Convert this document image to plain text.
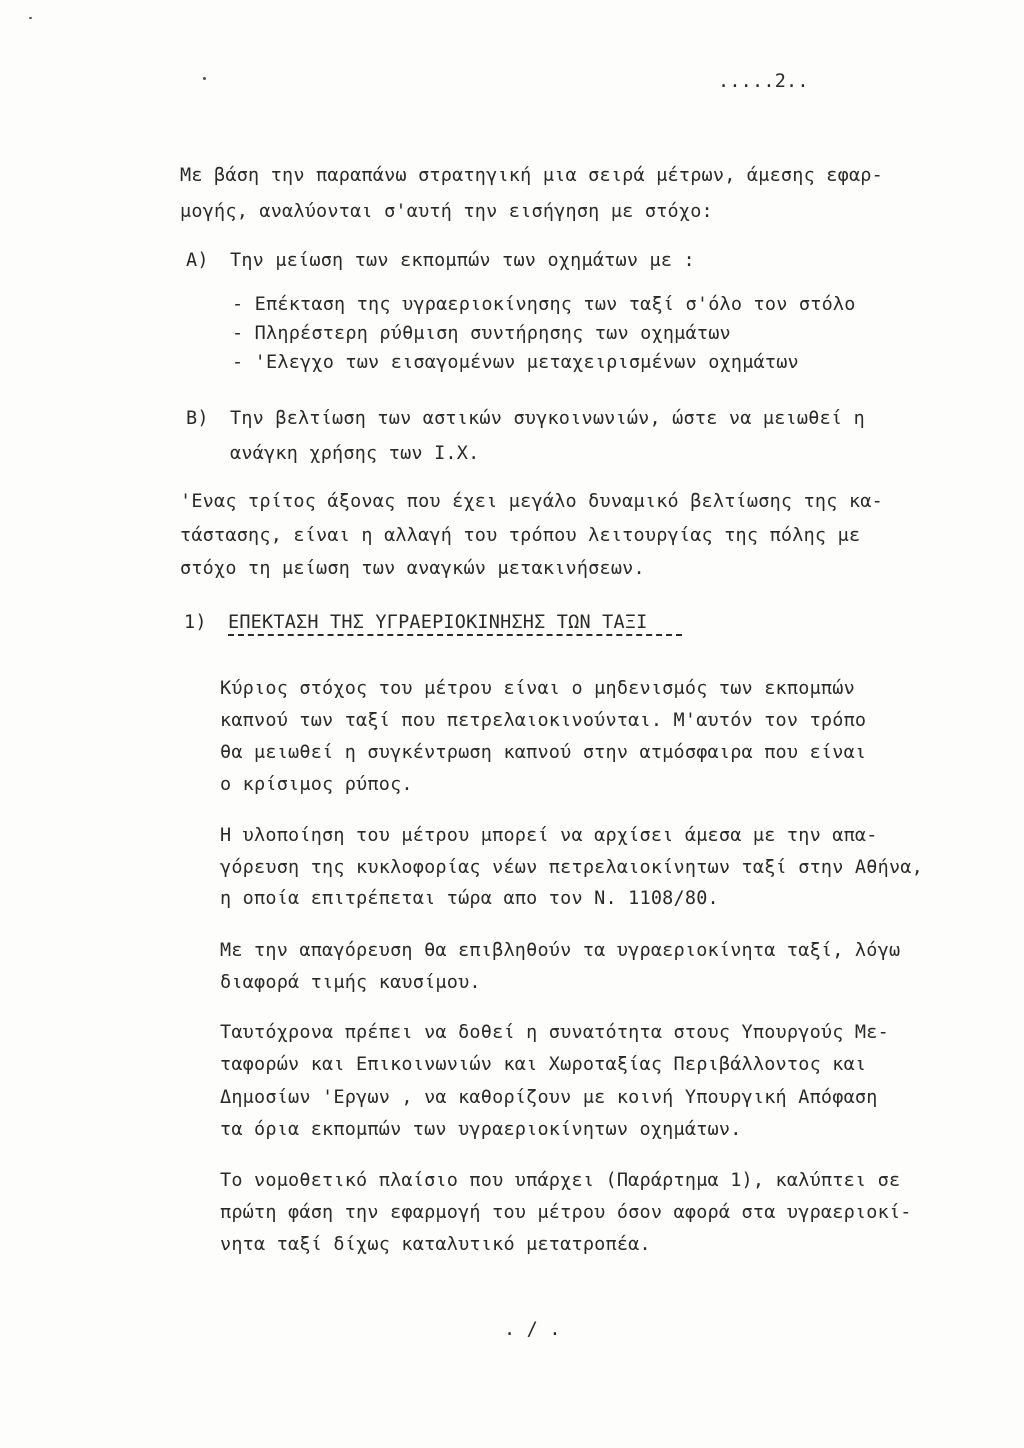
.....2..
Με βάση την παραπάνω στρατηγική μια σειρά μέτρων, άμεσης εφαρ-
μογής, αναλύονται σ'αυτή την εισήγηση με στόχο:
A) Την μείωση των εκπομπών των οχημάτων με :
- Επέκταση της υγραεριοκίνησης των ταξί σ'όλο τον στόλο
- Πληρέστερη ρύθμιση συντήρησης των οχημάτων
- 'Ελεγχο των εισαγομένων μεταχειρισμένων οχημάτων
B) Την βελτίωση των αστικών συγκοινωνιών, ώστε να μειωθεί η
ανάγκη χρήσης των Ι.Χ.
'Ενας τρίτος άξονας που έχει μεγάλο δυναμικό βελτίωσης της κα-
τάστασης, είναι η αλλαγή του τρόπου λειτουργίας της πόλης με
στόχο τη μείωση των αναγκών μετακινήσεων.
1) ΕΠΕΚΤΑΣΗ ΤΗΣ ΥΓΡΑΕΡΙΟΚΙΝΗΣΗΣ ΤΩΝ ΤΑΞΙ
Κύριος στόχος του μέτρου είναι ο μηδενισμός των εκπομπών
καπνού των ταξί που πετρελαιοκινούνται. Μ'αυτόν τον τρόπο
θα μειωθεί η συγκέντρωση καπνού στην ατμόσφαιρα που είναι
ο κρίσιμος ρύπος.
Η υλοποίηση του μέτρου μπορεί να αρχίσει άμεσα με την απα-
γόρευση της κυκλοφορίας νέων πετρελαιοκίνητων ταξί στην Αθήνα,
η οποία επιτρέπεται τώρα απο τον Ν. 1108/80.
Με την απαγόρευση θα επιβληθούν τα υγραεριοκίνητα ταξί, λόγω
διαφορά τιμής καυσίμου.
Ταυτόχρονα πρέπει να δοθεί η συνατότητα στους Υπουργούς Με-
ταφορών και Επικοινωνιών και Χωροταξίας Περιβάλλοντος και
Δημοσίων 'Εργων , να καθορίζουν με κοινή Υπουργική Απόφαση
τα όρια εκπομπών των υγραεριοκίνητων οχημάτων.
Το νομοθετικό πλαίσιο που υπάρχει (Παράρτημα 1), καλύπτει σε
πρώτη φάση την εφαρμογή του μέτρου όσον αφορά στα υγραεριοκί-
νητα ταξί δίχως καταλυτικό μετατροπέα.
. / .
